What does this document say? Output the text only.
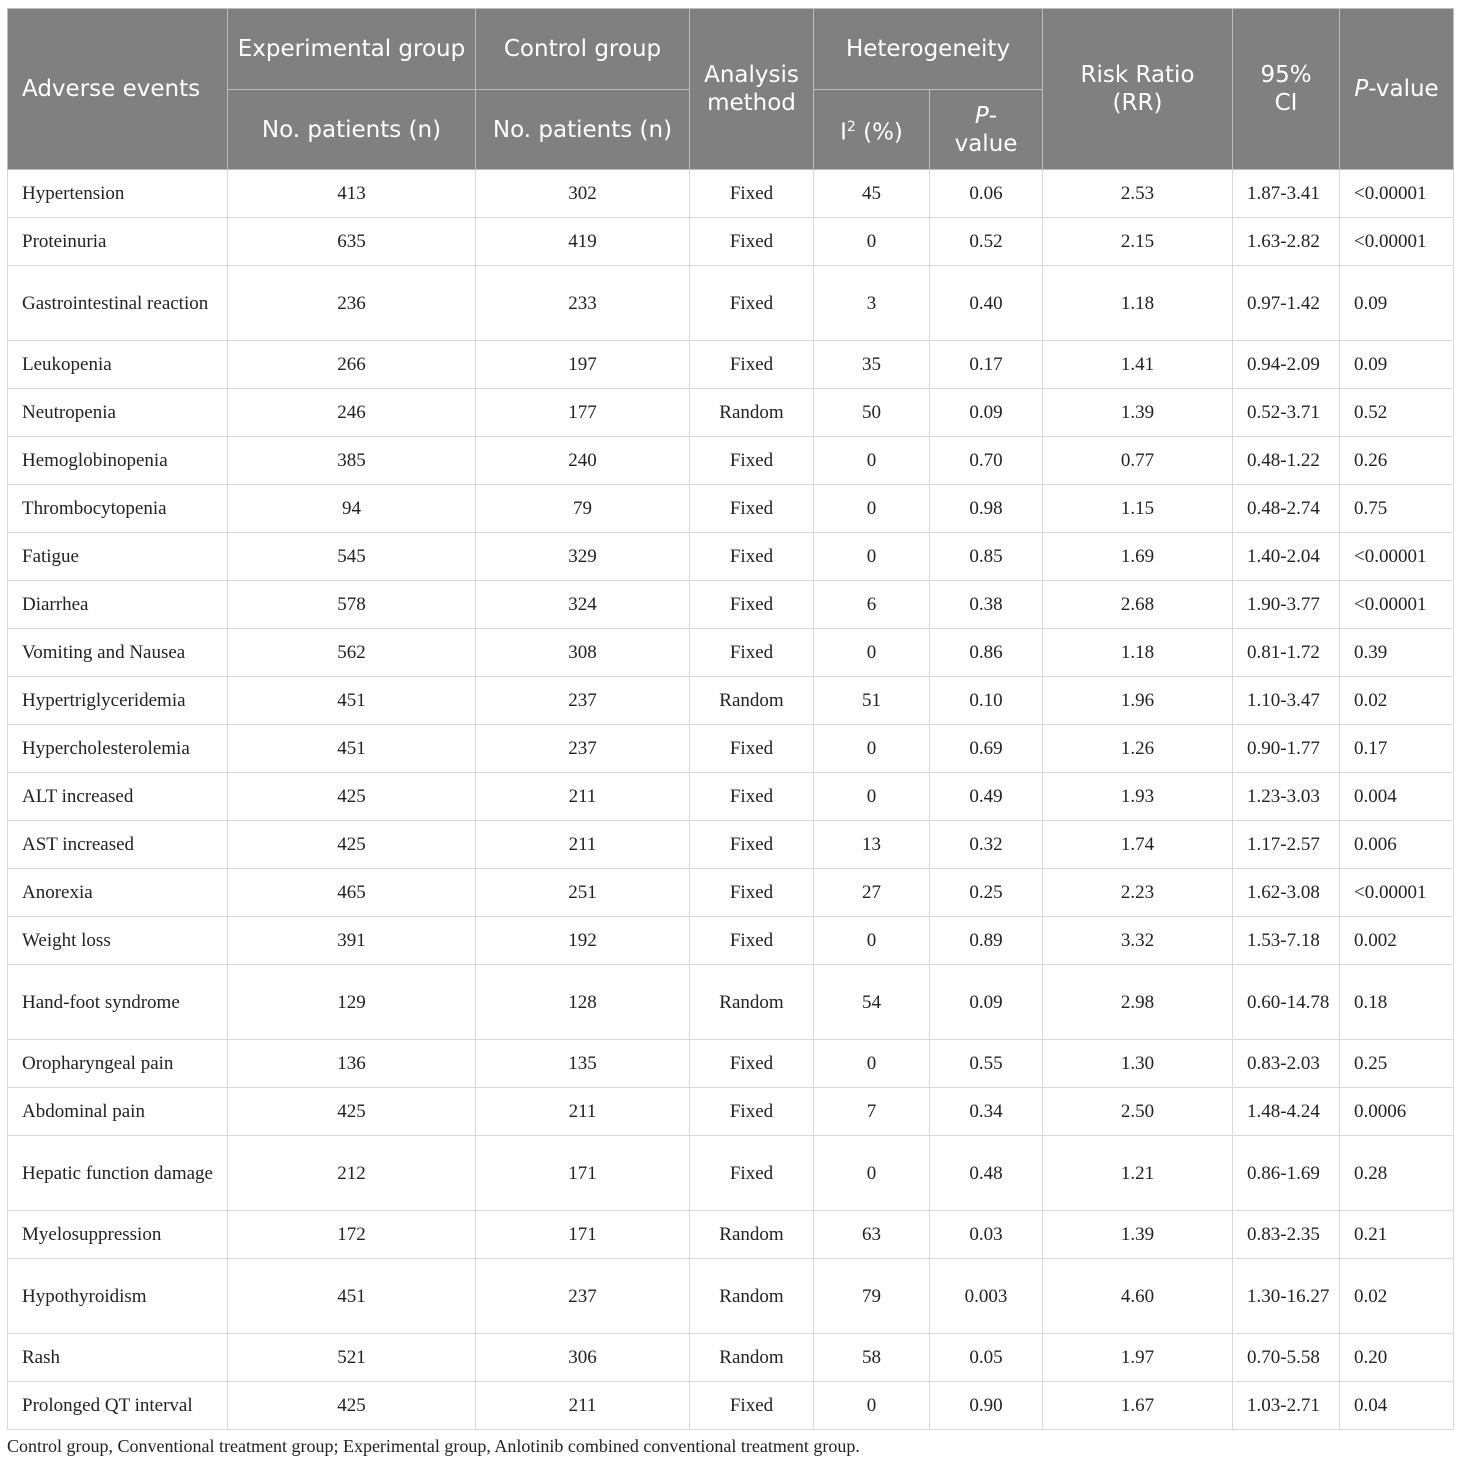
Adverse events	Experimental group	Control group	Analysis method	Heterogeneity		Risk Ratio (RR)	95% CI	P-value
	No. patients (n)	No. patients (n)		$I^2$ (%)	P-value			
Hypertension	413	302	Fixed	45	0.06	2.53	1.87-3.41	<0.00001
Proteinuria	635	419	Fixed	0	0.52	2.15	1.63-2.82	<0.00001
Gastrointestinal reaction	236	233	Fixed	3	0.40	1.18	0.97-1.42	0.09
Leukopenia	266	197	Fixed	35	0.17	1.41	0.94-2.09	0.09
Neutropenia	246	177	Random	50	0.09	1.39	0.52-3.71	0.52
Hemoglobinopenia	385	240	Fixed	0	0.70	0.77	0.48-1.22	0.26
Thrombocytopenia	94	79	Fixed	0	0.98	1.15	0.48-2.74	0.75
Fatigue	545	329	Fixed	0	0.85	1.69	1.40-2.04	<0.00001
Diarrhea	578	324	Fixed	6	0.38	2.68	1.90-3.77	<0.00001
Vomiting and Nausea	562	308	Fixed	0	0.86	1.18	0.81-1.72	0.39
Hypertriglyceridemia	451	237	Random	51	0.10	1.96	1.10-3.47	0.02
Hypercholesterolemia	451	237	Fixed	0	0.69	1.26	0.90-1.77	0.17
ALT increased	425	211	Fixed	0	0.49	1.93	1.23-3.03	0.004
AST increased	425	211	Fixed	13	0.32	1.74	1.17-2.57	0.006
Anorexia	465	251	Fixed	27	0.25	2.23	1.62-3.08	<0.00001
Weight loss	391	192	Fixed	0	0.89	3.32	1.53-7.18	0.002
Hand-foot syndrome	129	128	Random	54	0.09	2.98	0.60-14.78	0.18
Oropharyngeal pain	136	135	Fixed	0	0.55	1.30	0.83-2.03	0.25
Abdominal pain	425	211	Fixed	7	0.34	2.50	1.48-4.24	0.0006
Hepatic function damage	212	171	Fixed	0	0.48	1.21	0.86-1.69	0.28
Myelosuppression	172	171	Random	63	0.03	1.39	0.83-2.35	0.21
Hypothyroidism	451	237	Random	79	0.003	4.60	1.30-16.27	0.02
Rash	521	306	Random	58	0.05	1.97	0.70-5.58	0.20
Prolonged QT interval	425	211	Fixed	0	0.90	1.67	1.03-2.71	0.04
Control group, Conventional treatment group; Experimental group, Anlotinib combined conventional treatment group.
